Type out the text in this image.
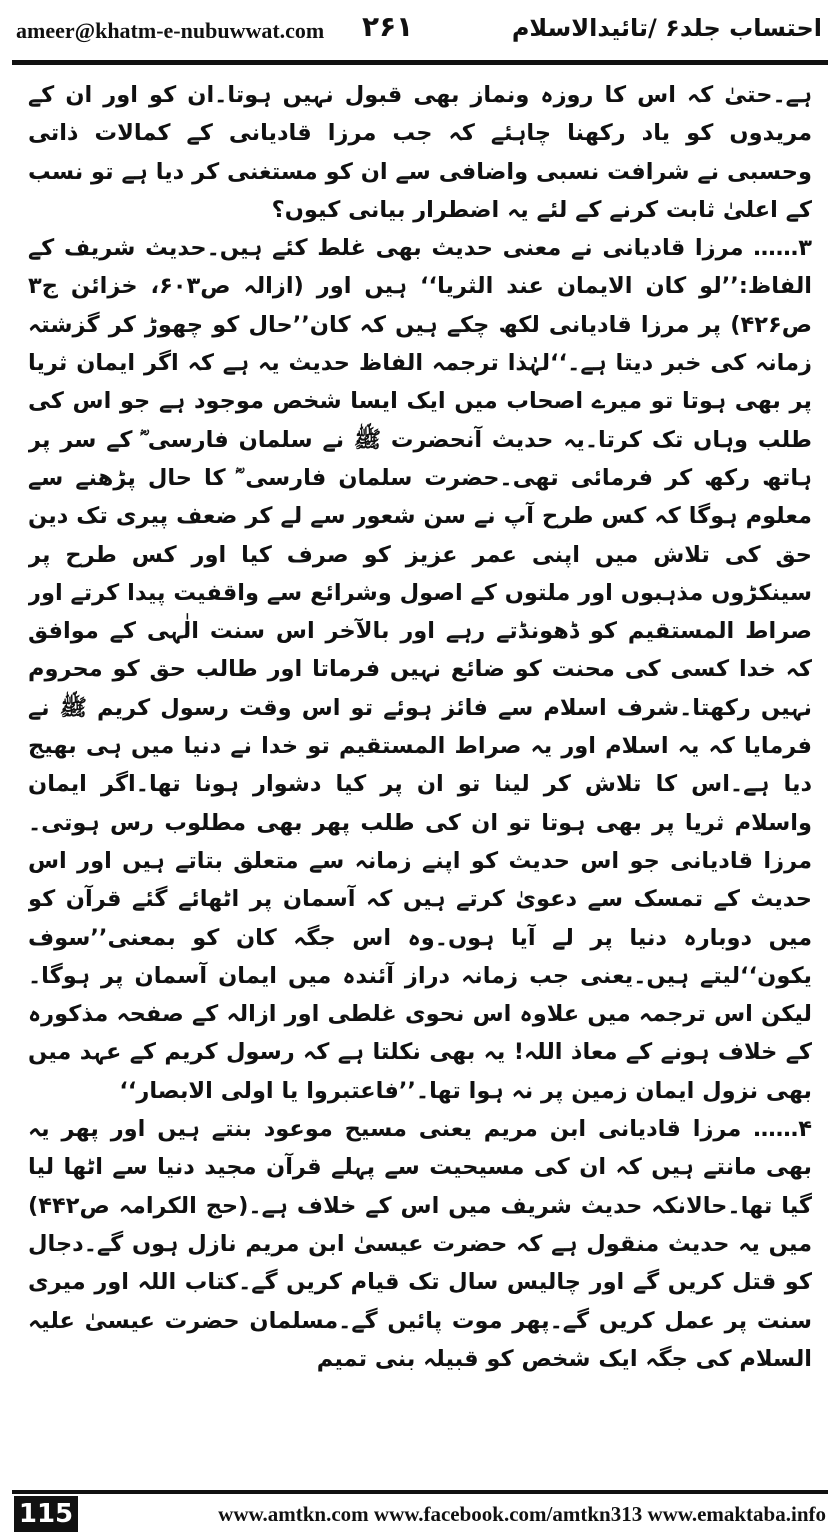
ameer@khatm-e-nubuwwat.com ۲۶۱	احتساب جلد۶ /تائیدالاسلام

ہے۔حتیٰ کہ اس کا روزہ ونماز بھی قبول نہیں ہوتا۔ان کو اور ان کے مریدوں کو یاد رکھنا چاہئے کہ جب مرزا قادیانی کے کمالات ذاتی وحسبی نے شرافت نسبی واضافی سے ان کو مستغنی کر دیا ہے تو نسب کے اعلیٰ ثابت کرنے کے لئے یہ اضطرار بیانی کیوں؟

۳…… مرزا قادیانی نے معنی حدیث بھی غلط کئے ہیں۔حدیث شریف کے الفاظ:’’لو کان الایمان عند الثریا‘‘ ہیں اور (ازالہ ص۶۰۳، خزائن ج۳ ص۴۲۶) پر مرزا قادیانی لکھ چکے ہیں کہ کان’’حال کو چھوڑ کر گزشتہ زمانہ کی خبر دیتا ہے۔‘‘لہٰذا ترجمہ الفاظ حدیث یہ ہے کہ اگر ایمان ثریا پر بھی ہوتا تو میرے اصحاب میں ایک ایسا شخص موجود ہے جو اس کی طلب وہاں تک کرتا۔یہ حدیث آنحضرت ﷺ نے سلمان فارسی ؓ کے سر پر ہاتھ رکھ کر فرمائی تھی۔حضرت سلمان فارسی ؓ کا حال پڑھنے سے معلوم ہوگا کہ کس طرح آپ نے سن شعور سے لے کر ضعف پیری تک دین حق کی تلاش میں اپنی عمر عزیز کو صرف کیا اور کس طرح پر سینکڑوں مذہبوں اور ملتوں کے اصول وشرائع سے واقفیت پیدا کرتے اور صراط المستقیم کو ڈھونڈتے رہے اور بالآخر اس سنت الٰہی کے موافق کہ خدا کسی کی محنت کو ضائع نہیں فرماتا اور طالب حق کو محروم نہیں رکھتا۔شرف اسلام سے فائز ہوئے تو اس وقت رسول کریم ﷺ نے فرمایا کہ یہ اسلام اور یہ صراط المستقیم تو خدا نے دنیا میں ہی بھیج دیا ہے۔اس کا تلاش کر لینا تو ان پر کیا دشوار ہونا تھا۔اگر ایمان واسلام ثریا پر بھی ہوتا تو ان کی طلب پھر بھی مطلوب رس ہوتی۔مرزا قادیانی جو اس حدیث کو اپنے زمانہ سے متعلق بتاتے ہیں اور اس حدیث کے تمسک سے دعویٰ کرتے ہیں کہ آسمان پر اٹھائے گئے قرآن کو میں دوبارہ دنیا پر لے آیا ہوں۔وہ اس جگہ کان کو بمعنی’’سوف یکون‘‘لیتے ہیں۔یعنی جب زمانہ دراز آئندہ میں ایمان آسمان پر ہوگا۔لیکن اس ترجمہ میں علاوہ اس نحوی غلطی اور ازالہ کے صفحہ مذکورہ کے خلاف ہونے کے معاذ اللہ! یہ بھی نکلتا ہے کہ رسول کریم کے عہد میں بھی نزول ایمان زمین پر نہ ہوا تھا۔’’فاعتبروا یا اولی الابصار‘‘

۴…… مرزا قادیانی ابن مریم یعنی مسیح موعود بنتے ہیں اور پھر یہ بھی مانتے ہیں کہ ان کی مسیحیت سے پہلے قرآن مجید دنیا سے اٹھا لیا گیا تھا۔حالانکہ حدیث شریف میں اس کے خلاف ہے۔(حج الکرامہ ص۴۴۲) میں یہ حدیث منقول ہے کہ حضرت عیسیٰ ابن مریم نازل ہوں گے۔دجال کو قتل کریں گے اور چالیس سال تک قیام کریں گے۔کتاب اللہ اور میری سنت پر عمل کریں گے۔پھر موت پائیں گے۔مسلمان حضرت عیسیٰ علیہ السلام کی جگہ ایک شخص کو قبیلہ بنی تمیم

115	www.amtkn.com www.facebook.com/amtkn313 www.emaktaba.info
